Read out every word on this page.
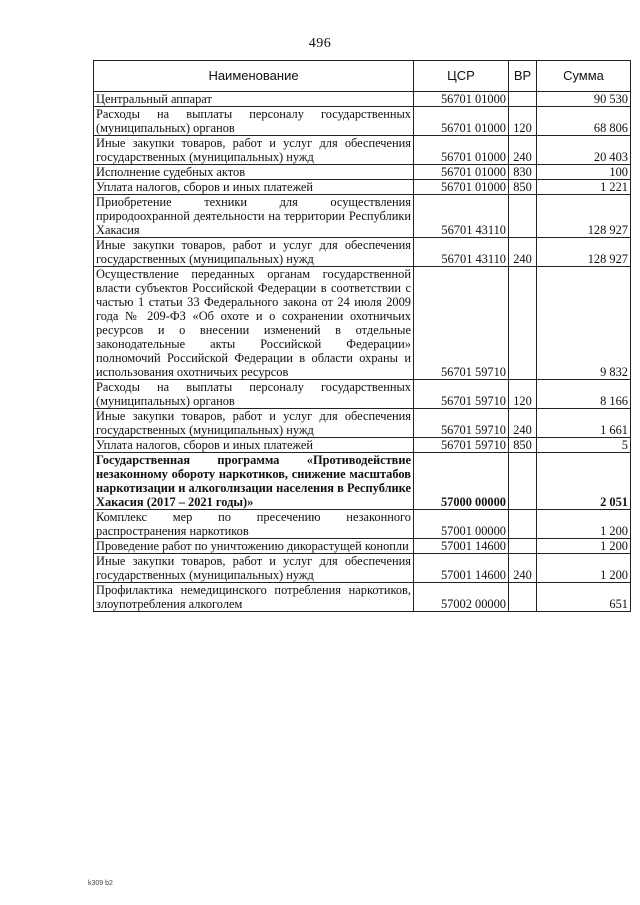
496
Наименование	ЦСР	ВР	Сумма
Центральный аппарат	56701 01000		90 530
Расходы на выплаты персоналу государственных (муниципальных) органов	56701 01000	120	68 806
Иные закупки товаров, работ и услуг для обеспечения государственных (муниципальных) нужд	56701 01000	240	20 403
Исполнение судебных актов	56701 01000	830	100
Уплата налогов, сборов и иных платежей	56701 01000	850	1 221
Приобретение техники для осуществления природоохранной деятельности на территории Республики Хакасия	56701 43110		128 927
Иные закупки товаров, работ и услуг для обеспечения государственных (муниципальных) нужд	56701 43110	240	128 927
Осуществление переданных органам государственной власти субъектов Российской Федерации в соответствии с частью 1 статьи 33 Федерального закона от 24 июля 2009 года № 209-ФЗ «Об охоте и о сохранении охотничьих ресурсов и о внесении изменений в отдельные законодательные акты Российской Федерации» полномочий Российской Федерации в области охраны и использования охотничьих ресурсов	56701 59710		9 832
Расходы на выплаты персоналу государственных (муниципальных) органов	56701 59710	120	8 166
Иные закупки товаров, работ и услуг для обеспечения государственных (муниципальных) нужд	56701 59710	240	1 661
Уплата налогов, сборов и иных платежей	56701 59710	850	5
Государственная программа «Противодействие незаконному обороту наркотиков, снижение масштабов наркотизации и алкоголизации населения в Республике Хакасия (2017 – 2021 годы)»	57000 00000		2 051
Комплекс мер по пресечению незаконного распространения наркотиков	57001 00000		1 200
Проведение работ по уничтожению дикорастущей конопли	57001 14600		1 200
Иные закупки товаров, работ и услуг для обеспечения государственных (муниципальных) нужд	57001 14600	240	1 200
Профилактика немедицинского потребления наркотиков, злоупотребления алкоголем	57002 00000		651
k309 b2
